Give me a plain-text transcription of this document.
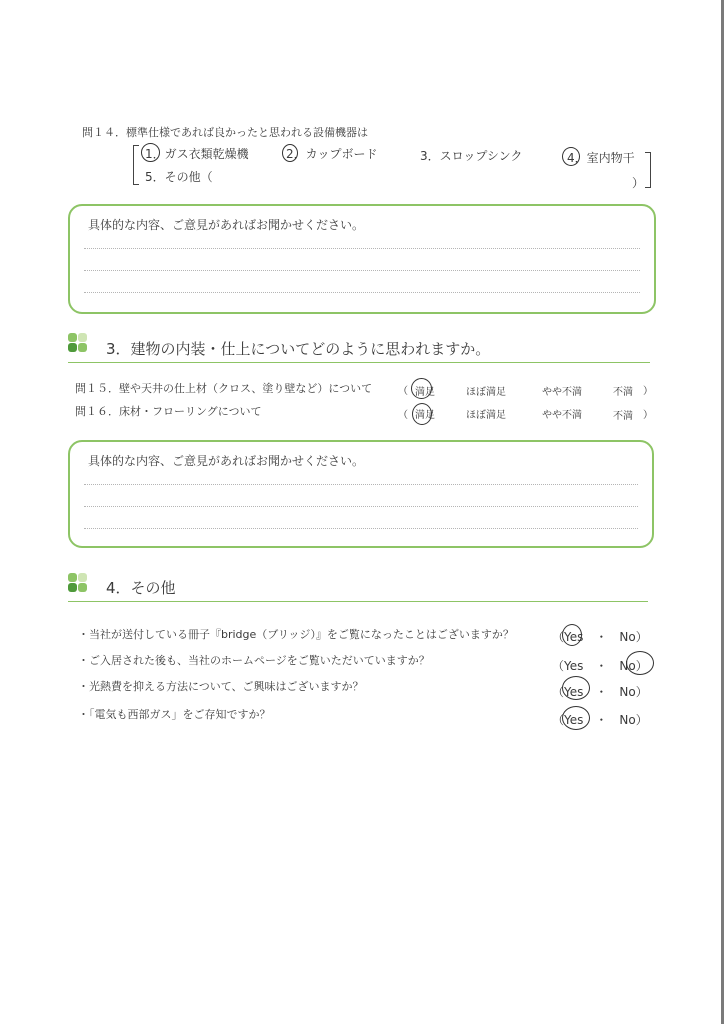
問１４．標準仕様であれば良かったと思われる設備機器は
1．ガス衣類乾燥機	2．カップボード	3．スロップシンク	4．室内物干
5．その他（	）
具体的な内容、ご意見があればお聞かせください。
3．建物の内装・仕上についてどのように思われますか。
問１５．壁や天井の仕上材（クロス、塗り壁など）について	（ 満足	ほぼ満足	やや不満	不満 ）
問１６．床材・フローリングについて	（ 満足	ほぼ満足	やや不満	不満 ）
具体的な内容、ご意見があればお聞かせください。
4．その他
・当社が送付している冊子『bridge（ブリッジ）』をご覧になったことはございますか？	（Yes　・　No）
・ご入居された後も、当社のホームページをご覧いただいていますか？	（Yes　・　No）
・光熱費を抑える方法について、ご興味はございますか？	（Yes　・　No）
・「電気も西部ガス」をご存知ですか？	（Yes　・　No）
